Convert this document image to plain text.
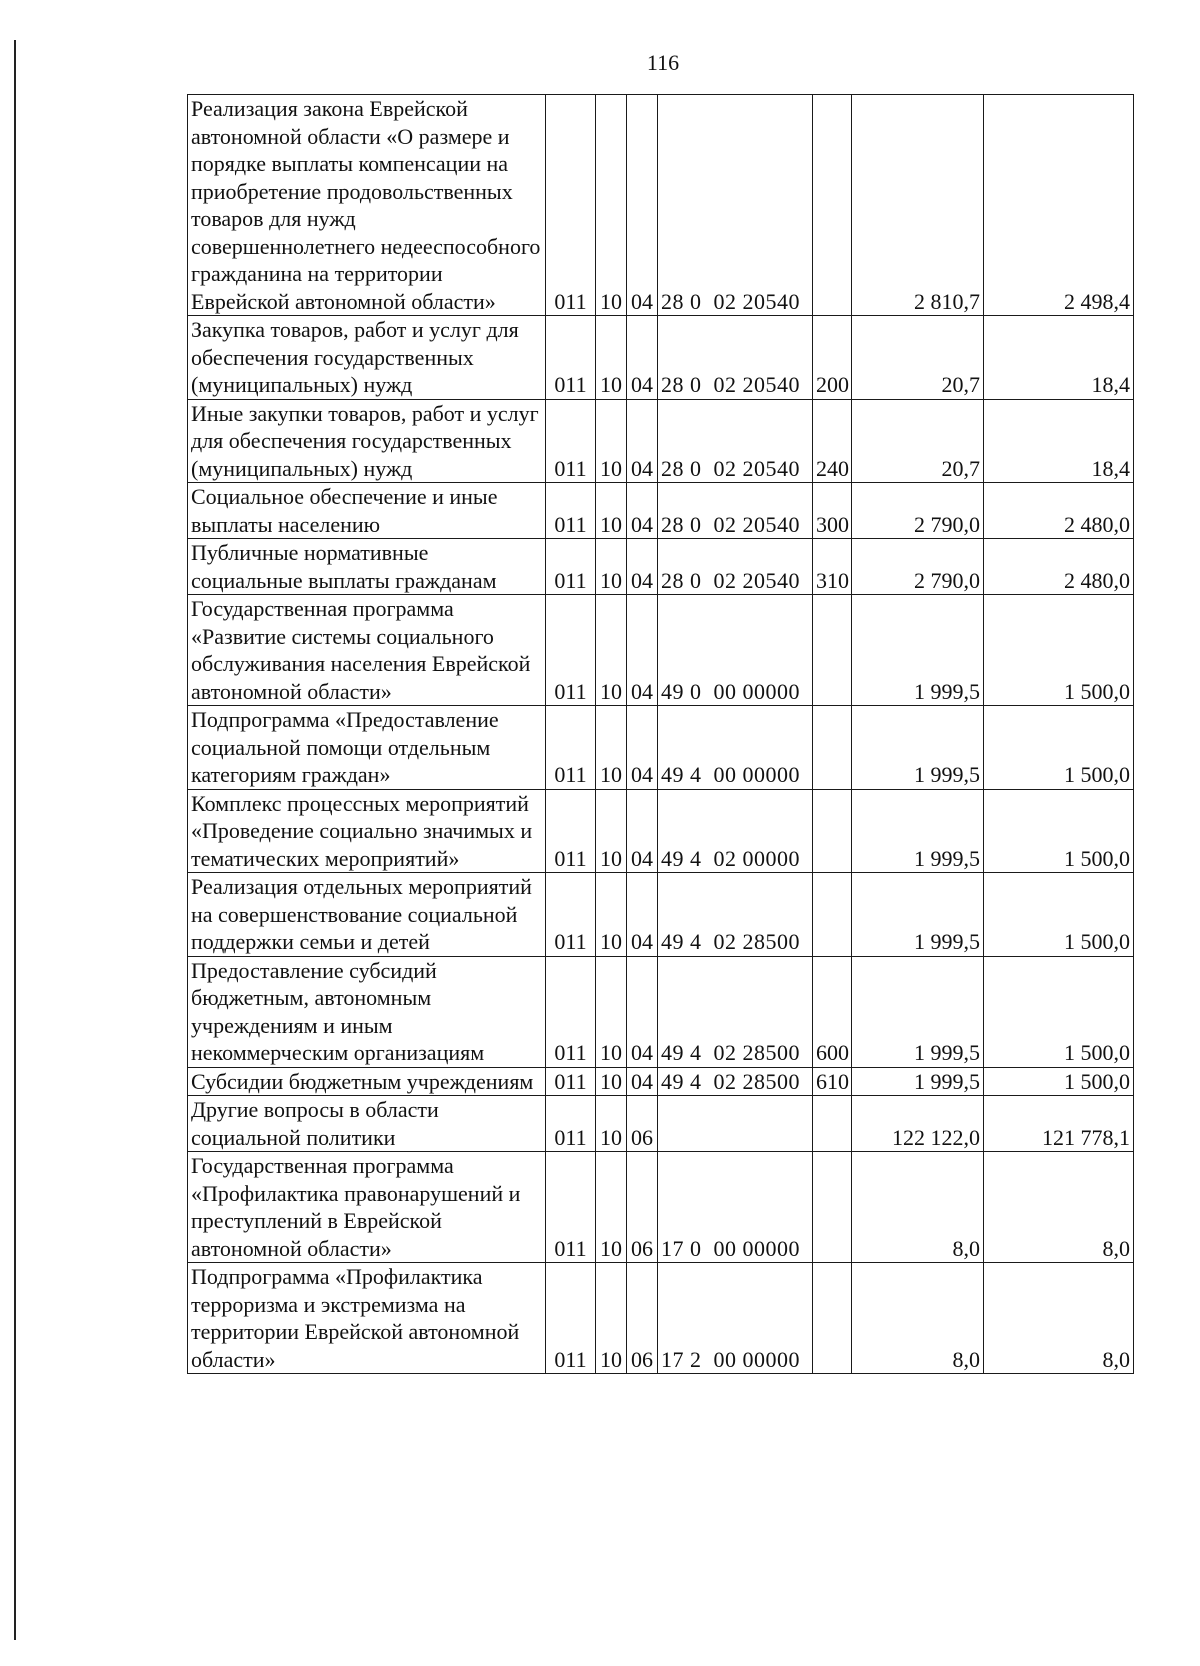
116
Реализация закона Еврейской автономной области «О размере и порядке выплаты компенсации на приобретение продовольственных товаров для нужд совершеннолетнего недееспособного гражданина на территории Еврейской автономной области»	011	10	04	28 0  02 20540		2 810,7	2 498,4
Закупка товаров, работ и услуг для обеспечения государственных (муниципальных) нужд	011	10	04	28 0  02 20540	200	20,7	18,4
Иные закупки товаров, работ и услуг для обеспечения государственных (муниципальных) нужд	011	10	04	28 0  02 20540	240	20,7	18,4
Социальное обеспечение и иные выплаты населению	011	10	04	28 0  02 20540	300	2 790,0	2 480,0
Публичные нормативные социальные выплаты гражданам	011	10	04	28 0  02 20540	310	2 790,0	2 480,0
Государственная программа «Развитие системы социального обслуживания населения Еврейской автономной области»	011	10	04	49 0  00 00000		1 999,5	1 500,0
Подпрограмма «Предоставление социальной помощи отдельным категориям граждан»	011	10	04	49 4  00 00000		1 999,5	1 500,0
Комплекс процессных мероприятий «Проведение социально значимых и тематических мероприятий»	011	10	04	49 4  02 00000		1 999,5	1 500,0
Реализация отдельных мероприятий на совершенствование социальной поддержки семьи и детей	011	10	04	49 4  02 28500		1 999,5	1 500,0
Предоставление субсидий бюджетным, автономным учреждениям и иным некоммерческим организациям	011	10	04	49 4  02 28500	600	1 999,5	1 500,0
Субсидии бюджетным учреждениям	011	10	04	49 4  02 28500	610	1 999,5	1 500,0
Другие вопросы в области социальной политики	011	10	06			122 122,0	121 778,1
Государственная программа «Профилактика правонарушений и преступлений в Еврейской автономной области»	011	10	06	17 0  00 00000		8,0	8,0
Подпрограмма «Профилактика терроризма и экстремизма на территории Еврейской автономной области»	011	10	06	17 2  00 00000		8,0	8,0
